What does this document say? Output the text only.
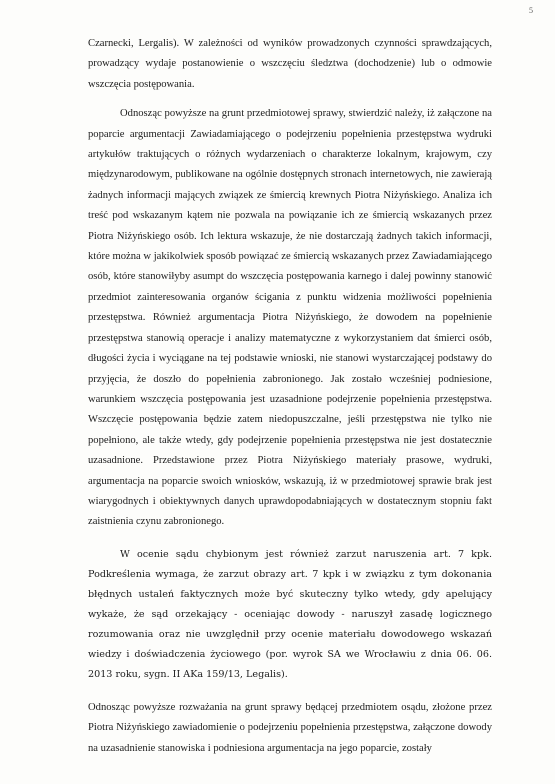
5

Czarnecki, Lergalis). W zależności od wyników prowadzonych czynności sprawdzających, prowadzący wydaje postanowienie o wszczęciu śledztwa (dochodzenie) lub o odmowie wszczęcia postępowania.

Odnosząc powyższe na grunt przedmiotowej sprawy, stwierdzić należy, iż załączone na poparcie argumentacji Zawiadamiającego o podejrzeniu popełnienia przestępstwa wydruki artykułów traktujących o różnych wydarzeniach o charakterze lokalnym, krajowym, czy międzynarodowym, publikowane na ogólnie dostępnych stronach internetowych, nie zawierają żadnych informacji mających związek ze śmiercią krewnych Piotra Niżyńskiego. Analiza ich treść pod wskazanym kątem nie pozwala na powiązanie ich ze śmiercią wskazanych przez Piotra Niżyńskiego osób. Ich lektura wskazuje, że nie dostarczają żadnych takich informacji, które można w jakikolwiek sposób powiązać ze śmiercią wskazanych przez Zawiadamiającego osób, które stanowiłyby asumpt do wszczęcia postępowania karnego i dalej powinny stanowić przedmiot zainteresowania organów ścigania z punktu widzenia możliwości popełnienia przestępstwa. Również argumentacja Piotra Niżyńskiego, że dowodem na popełnienie przestępstwa stanowią operacje i analizy matematyczne z wykorzystaniem dat śmierci osób, długości życia i wyciągane na tej podstawie wnioski, nie stanowi wystarczającej podstawy do przyjęcia, że doszło do popełnienia zabronionego. Jak zostało wcześniej podniesione, warunkiem wszczęcia postępowania jest uzasadnione podejrzenie popełnienia przestępstwa. Wszczęcie postępowania będzie zatem niedopuszczalne, jeśli przestępstwa nie tylko nie popełniono, ale także wtedy, gdy podejrzenie popełnienia przestępstwa nie jest dostatecznie uzasadnione. Przedstawione przez Piotra Niżyńskiego materiały prasowe, wydruki, argumentacja na poparcie swoich wniosków, wskazują, iż w przedmiotowej sprawie brak jest wiarygodnych i obiektywnych danych uprawdopodabniających w dostatecznym stopniu fakt zaistnienia czynu zabronionego.

W ocenie sądu chybionym jest również zarzut naruszenia art. 7 kpk. Podkreślenia wymaga, że zarzut obrazy art. 7 kpk i w związku z tym dokonania błędnych ustaleń faktycznych może być skuteczny tylko wtedy, gdy apelujący wykaże, że sąd orzekający - oceniając dowody - naruszył zasadę logicznego rozumowania oraz nie uwzględnił przy ocenie materiału dowodowego wskazań wiedzy i doświadczenia życiowego (por. wyrok SA we Wrocławiu z dnia 06. 06. 2013 roku, sygn. II AKa 159/13, Legalis).

Odnosząc powyższe rozważania na grunt sprawy będącej przedmiotem osądu, złożone przez Piotra Niżyńskiego zawiadomienie o podejrzeniu popełnienia przestępstwa, załączone dowody na uzasadnienie stanowiska i podniesiona argumentacja na jego poparcie, zostały
